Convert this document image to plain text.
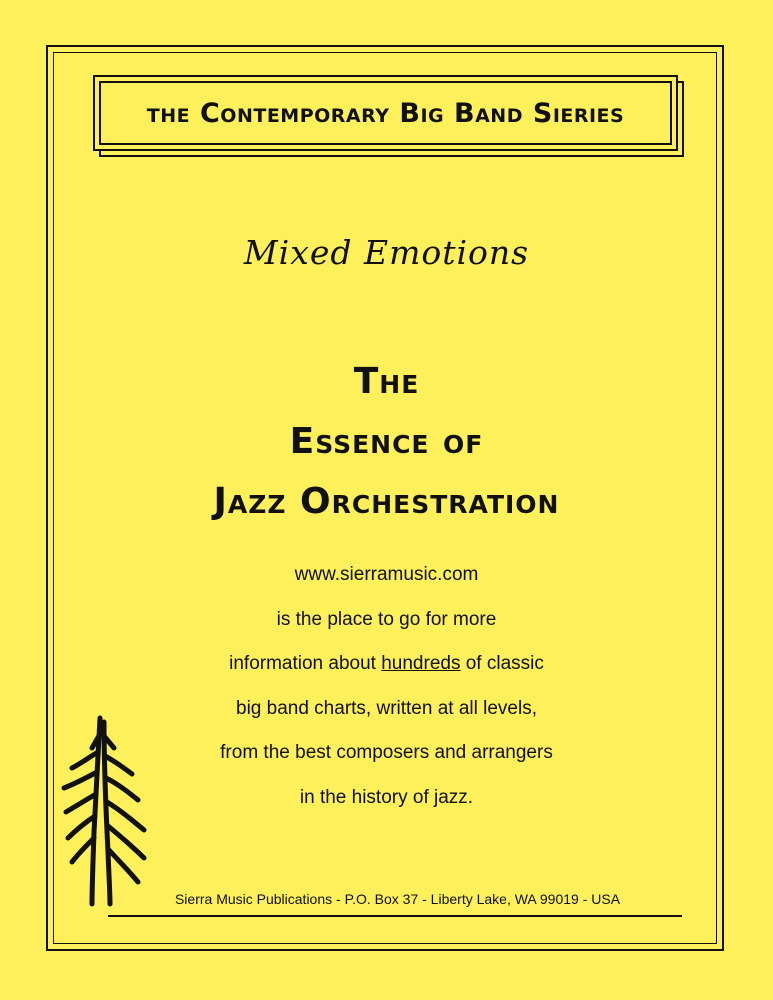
the Contemporary Big Band Sieries
Mixed Emotions
The
Essence of
Jazz Orchestration
www.sierramusic.com
is the place to go for more
information about hundreds of classic
big band charts, written at all levels,
from the best composers and arrangers
in the history of jazz.
Sierra Music Publications - P.O. Box 37 - Liberty Lake, WA 99019 - USA
